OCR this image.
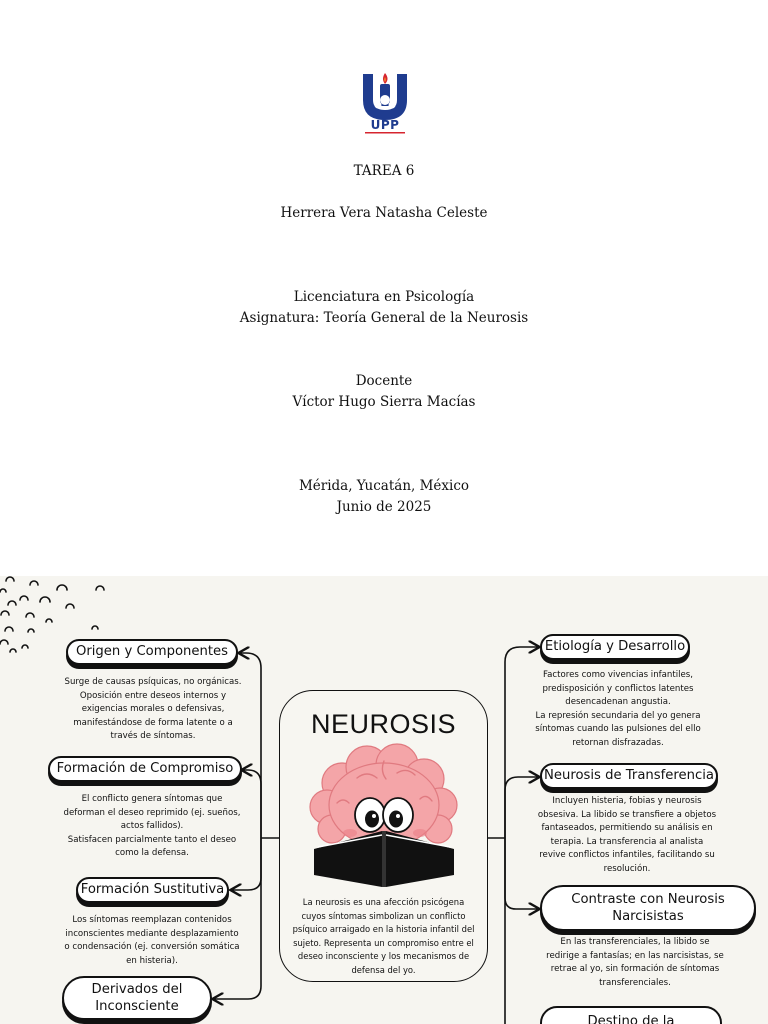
UPP
TAREA 6
Herrera Vera Natasha Celeste
Licenciatura en Psicología
Asignatura: Teoría General de la Neurosis
Docente
Víctor Hugo Sierra Macías
Mérida, Yucatán, México
Junio de 2025
Origen y Componentes

Surge de causas psíquicas, no orgánicas.

Oposición entre deseos internos y

exigencias morales o defensivas,

manifestándose de forma latente o a

través de síntomas.

Formación de Compromiso

El conflicto genera síntomas que

deforman el deseo reprimido (ej. sueños,

actos fallidos).

Satisfacen parcialmente tanto el deseo

como la defensa.

Formación Sustitutiva

Los síntomas reemplazan contenidos

inconscientes mediante desplazamiento

o condensación (ej. conversión somática

en histeria).

Derivados del
Inconsciente
NEUROSIS
La neurosis es una afección psicógena cuyos síntomas simbolizan un conflicto psíquico arraigado en la historia infantil del sujeto. Representa un compromiso entre el deseo inconsciente y los mecanismos de defensa del yo.
Etiología y Desarrollo

Factores como vivencias infantiles,

predisposición y conflictos latentes

desencadenan angustia.

La represión secundaria del yo genera

síntomas cuando las pulsiones del ello

retornan disfrazadas.

Neurosis de Transferencia

Incluyen histeria, fobias y neurosis

obsesiva. La libido se transfiere a objetos

fantaseados, permitiendo su análisis en

terapia. La transferencia al analista

revive conflictos infantiles, facilitando su

resolución.

Contraste con Neurosis
Narcisistas

En las transferenciales, la libido se

redirige a fantasías; en las narcisistas, se

retrae al yo, sin formación de síntomas

transferenciales.

Destino de la
